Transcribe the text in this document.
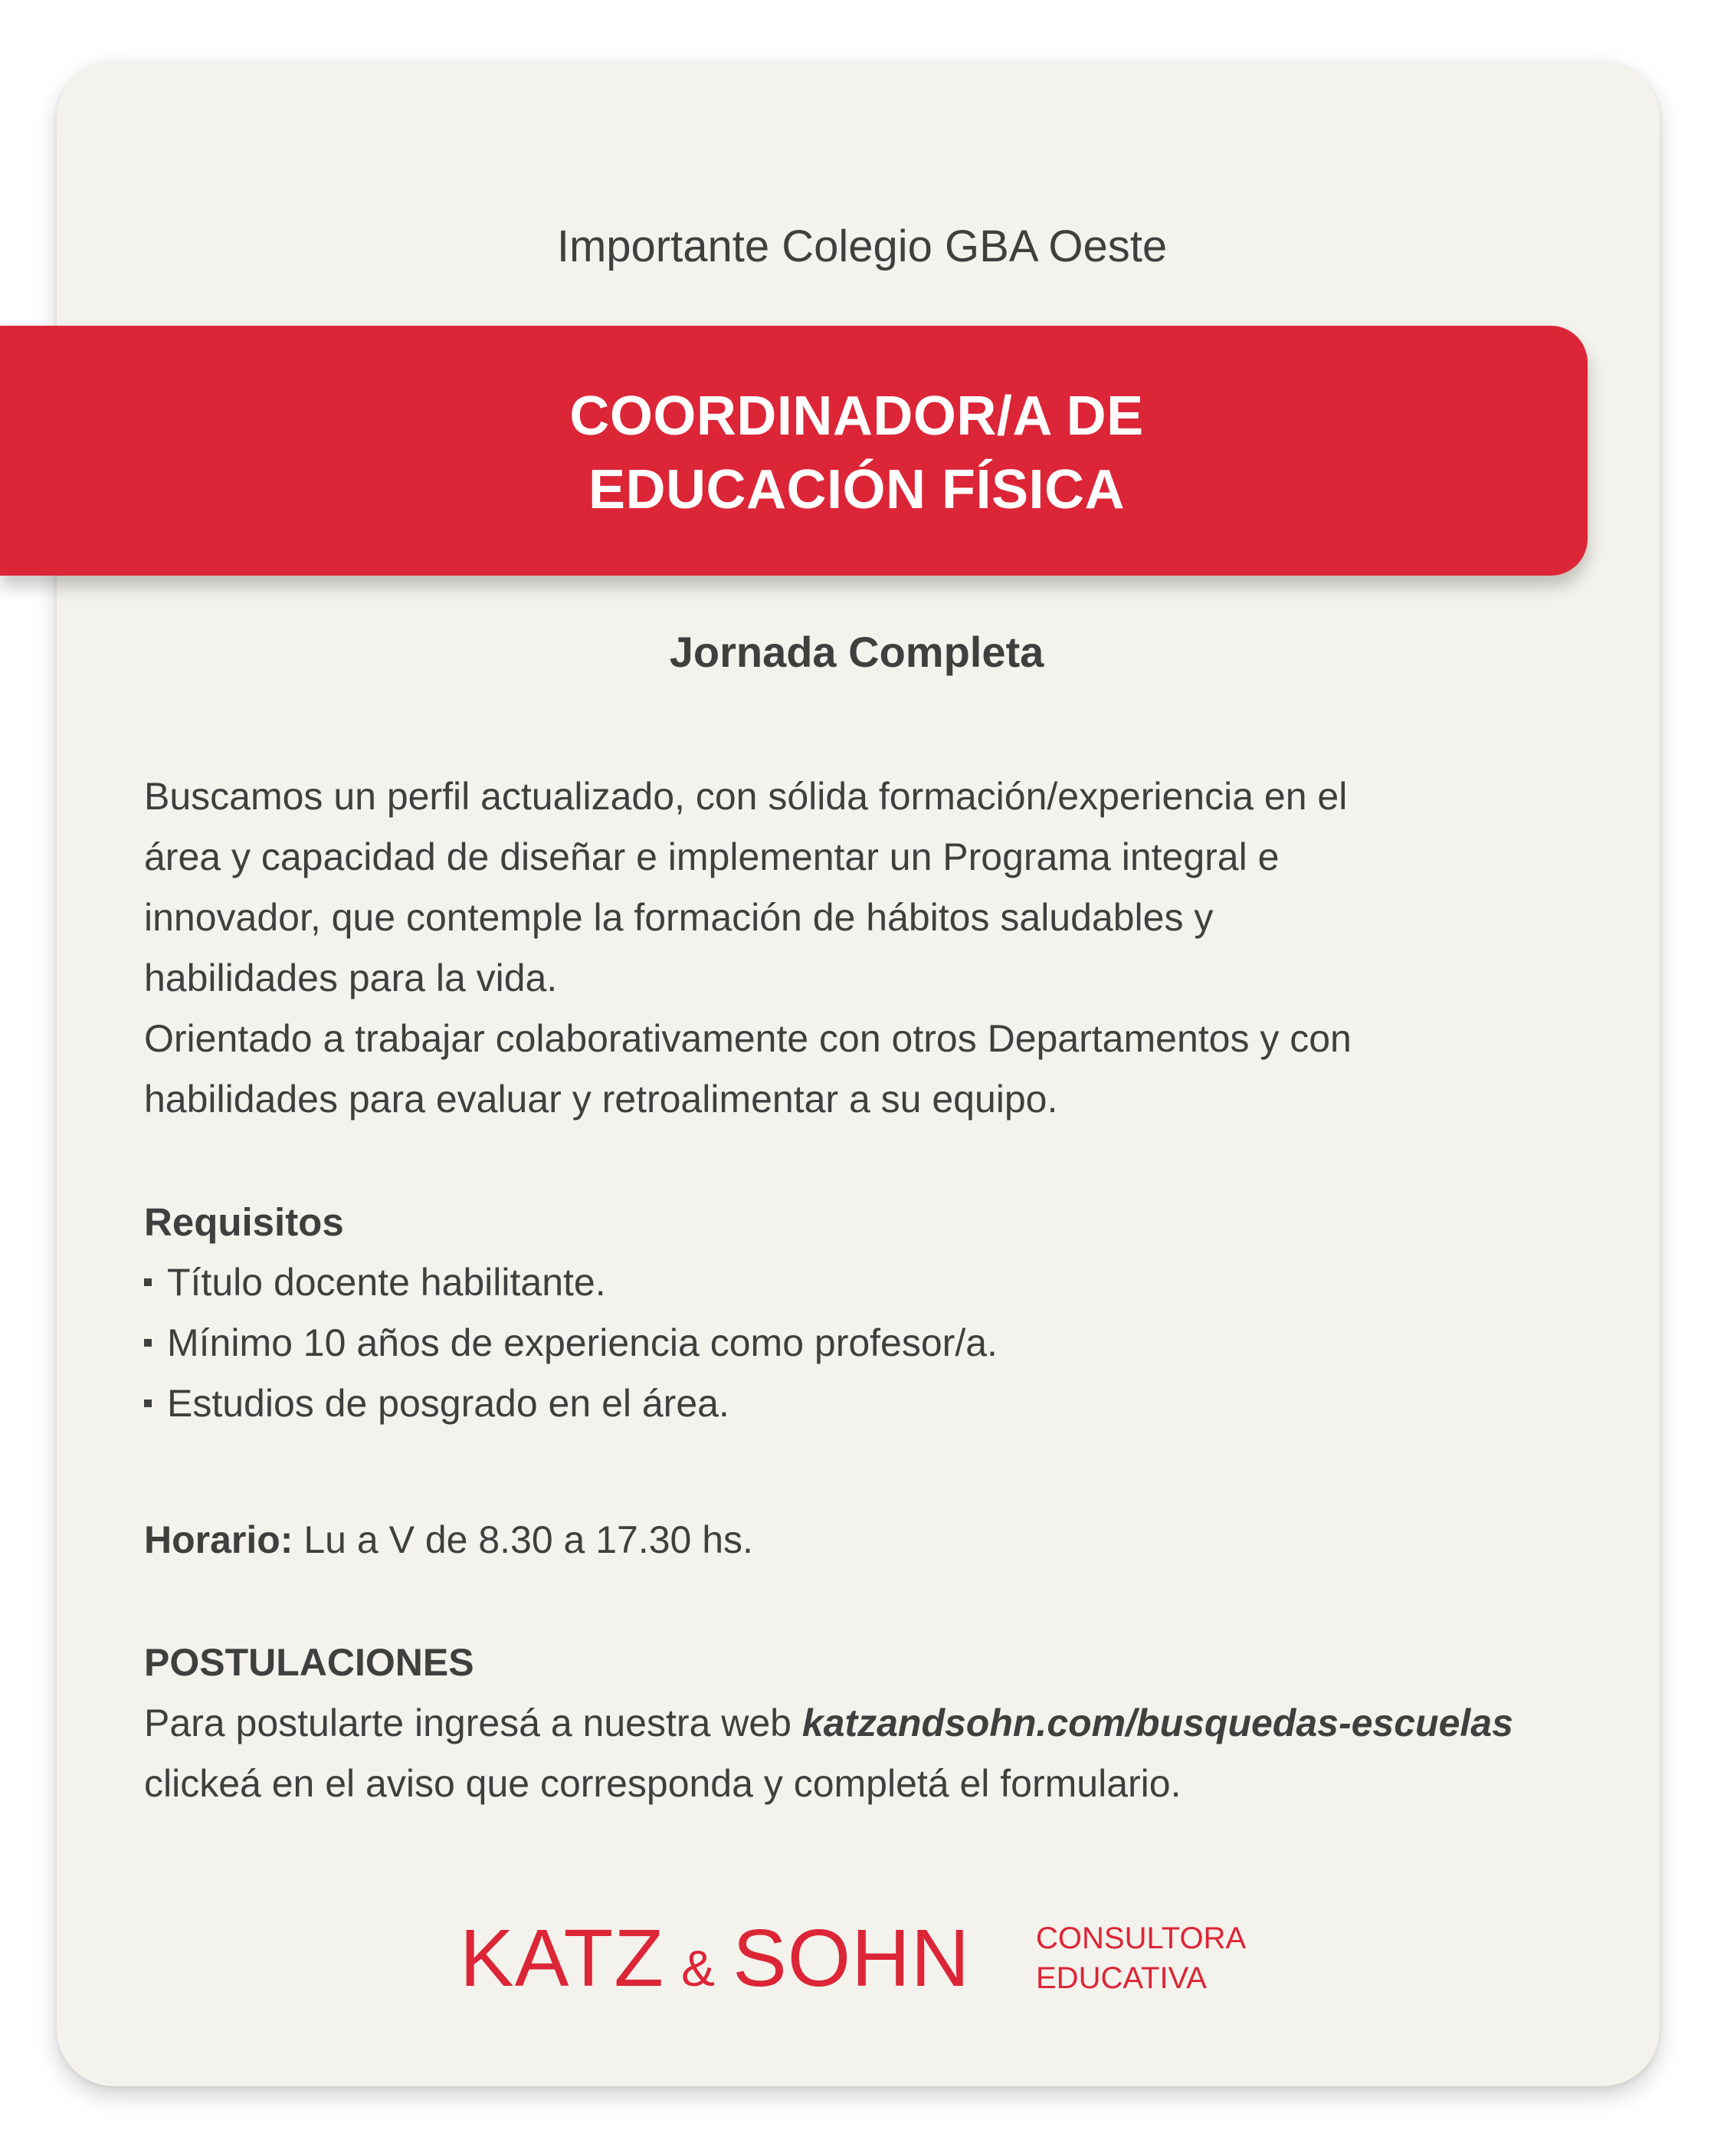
Importante Colegio GBA Oeste
COORDINADOR/A DE
EDUCACIÓN FÍSICA
Jornada Completa

Buscamos un perfil actualizado, con sólida formación/experiencia en el

área y capacidad de diseñar e implementar un Programa integral e

innovador, que contemple la formación de hábitos saludables y

habilidades para la vida.

Orientado a trabajar colaborativamente con otros Departamentos y con

habilidades para evaluar y retroalimentar a su equipo.

Requisitos

Título docente habilitante.

Mínimo 10 años de experiencia como profesor/a.

Estudios de posgrado en el área.

Horario: Lu a V de 8.30 a 17.30 hs.

POSTULACIONES

Para postularte ingresá a nuestra web katzandsohn.com/busquedas-escuelas

clickeá en el aviso que corresponda y completá el formulario.

KATZ & SOHN CONSULTORA
EDUCATIVA
